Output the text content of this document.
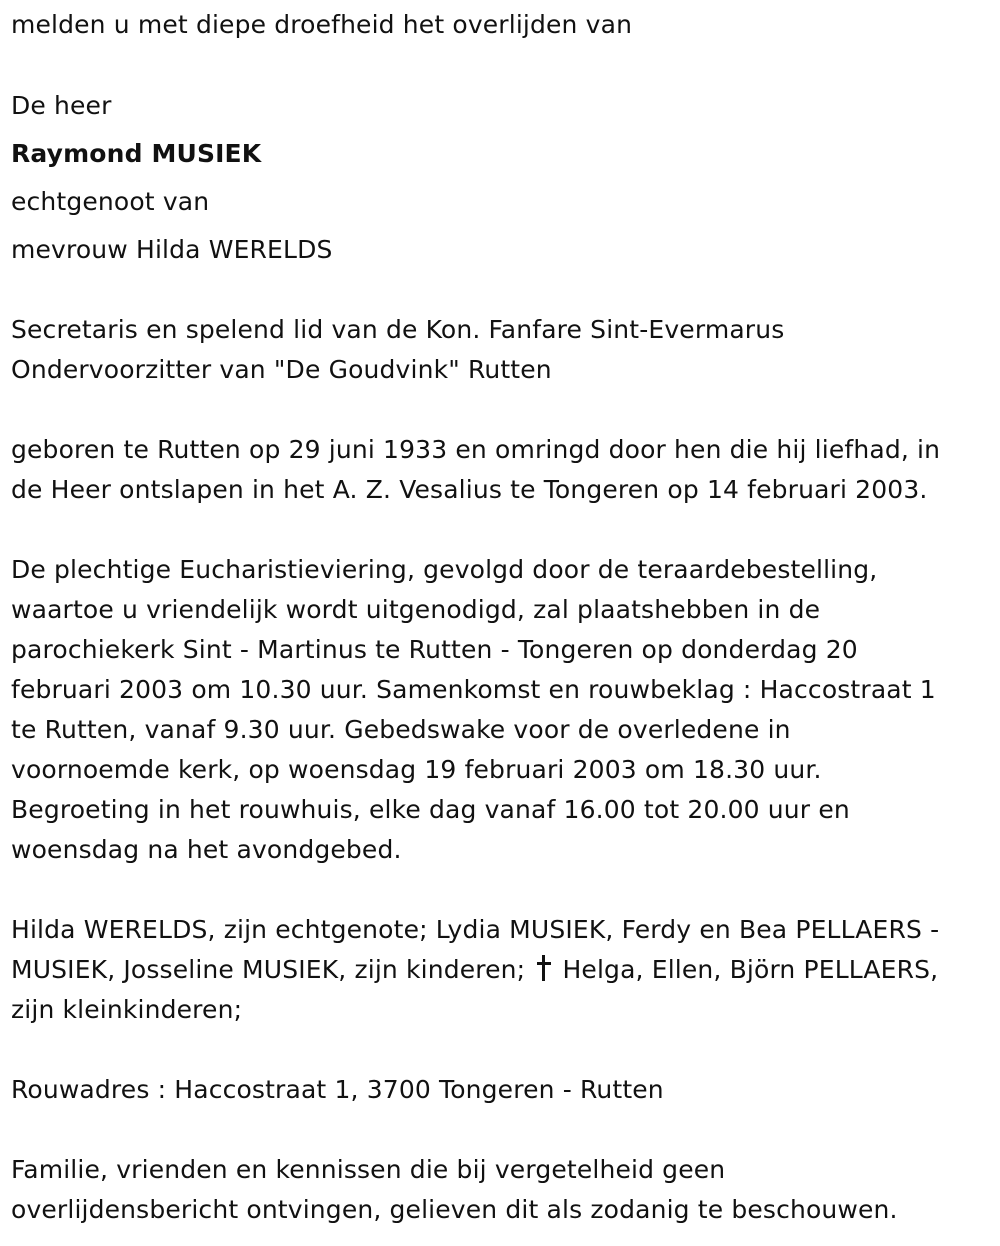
melden u met diepe droefheid het overlijden van
De heer
Raymond MUSIEK
echtgenoot van
mevrouw Hilda WERELDS
Secretaris en spelend lid van de Kon. Fanfare Sint-Evermarus
Ondervoorzitter van "De Goudvink" Rutten
geboren te Rutten op 29 juni 1933 en omringd door hen die hij liefhad, in
de Heer ontslapen in het A. Z. Vesalius te Tongeren op 14 februari 2003.
De plechtige Eucharistieviering, gevolgd door de teraardebestelling,
waartoe u vriendelijk wordt uitgenodigd, zal plaatshebben in de
parochiekerk Sint - Martinus te Rutten - Tongeren op donderdag 20
februari 2003 om 10.30 uur. Samenkomst en rouwbeklag : Haccostraat 1
te Rutten, vanaf 9.30 uur. Gebedswake voor de overledene in
voornoemde kerk, op woensdag 19 februari 2003 om 18.30 uur.
Begroeting in het rouwhuis, elke dag vanaf 16.00 tot 20.00 uur en
woensdag na het avondgebed.
Hilda WERELDS, zijn echtgenote; Lydia MUSIEK, Ferdy en Bea PELLAERS -
MUSIEK, Josseline MUSIEK, zijn kinderen; Helga, Ellen, Björn PELLAERS,
zijn kleinkinderen;
Rouwadres : Haccostraat 1, 3700 Tongeren - Rutten
Familie, vrienden en kennissen die bij vergetelheid geen
overlijdensbericht ontvingen, gelieven dit als zodanig te beschouwen.
